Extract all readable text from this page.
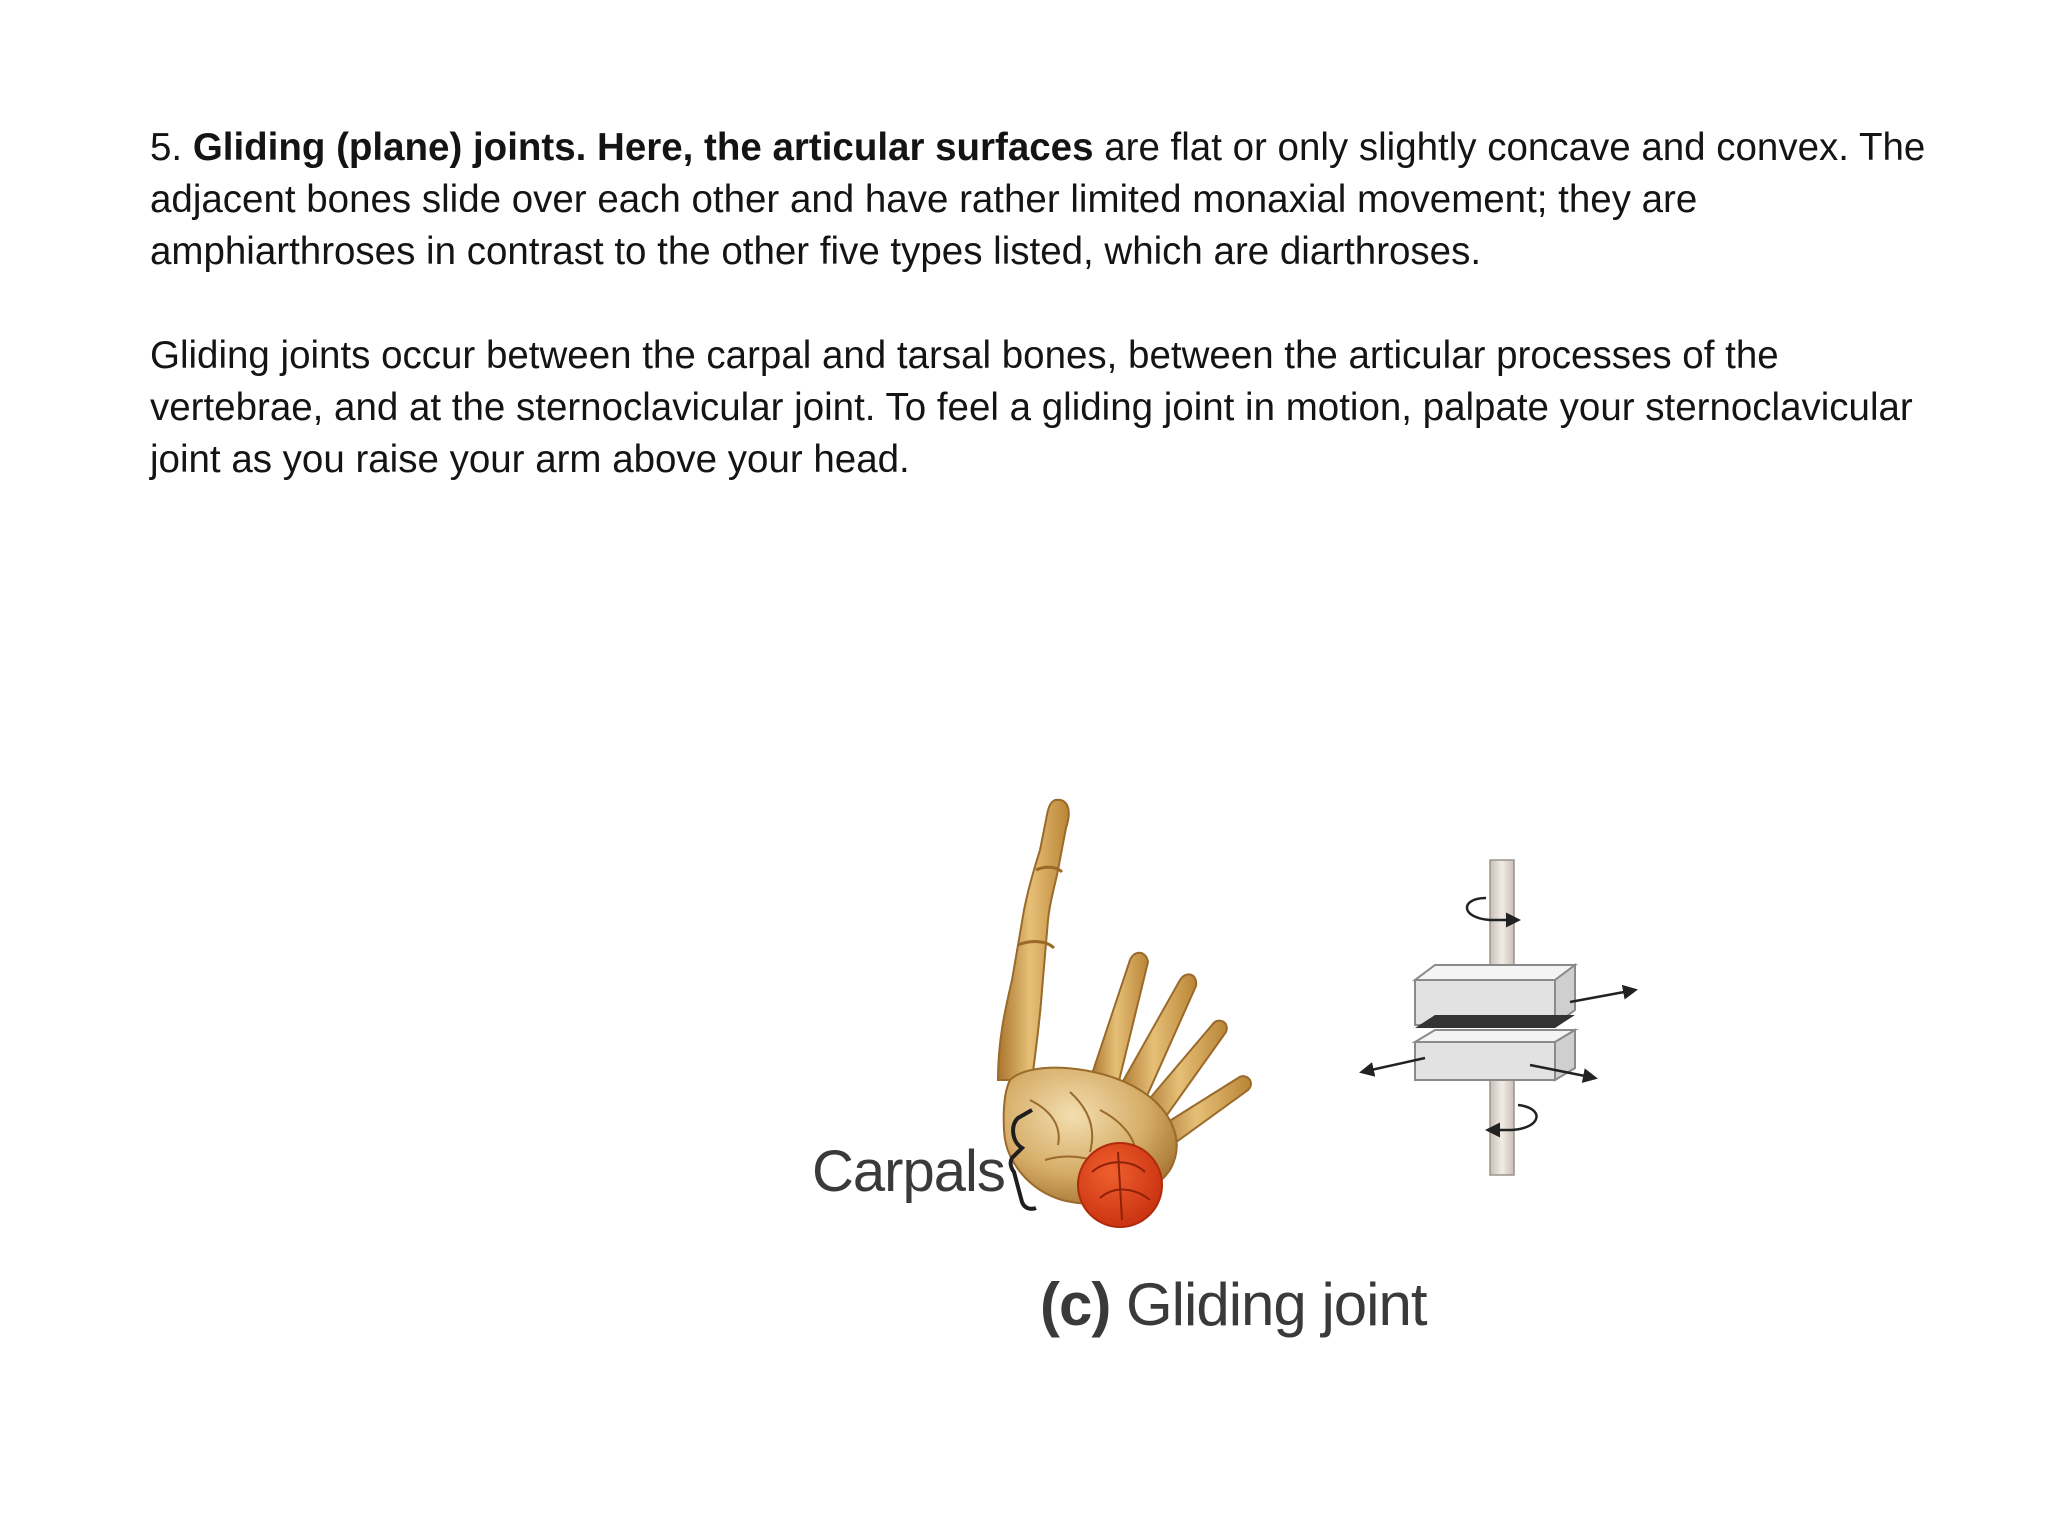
5. Gliding (plane) joints. Here, the articular surfaces are flat or only slightly concave and convex. The adjacent bones slide over each other and have rather limited monaxial movement; they are amphiarthroses in contrast to the other five types listed, which are diarthroses.

Gliding joints occur between the carpal and tarsal bones, between the articular processes of the vertebrae, and at the sternoclavicular joint. To feel a gliding joint in motion, palpate your sternoclavicular joint as you raise your arm above your head.

Carpals
(c) Gliding joint
